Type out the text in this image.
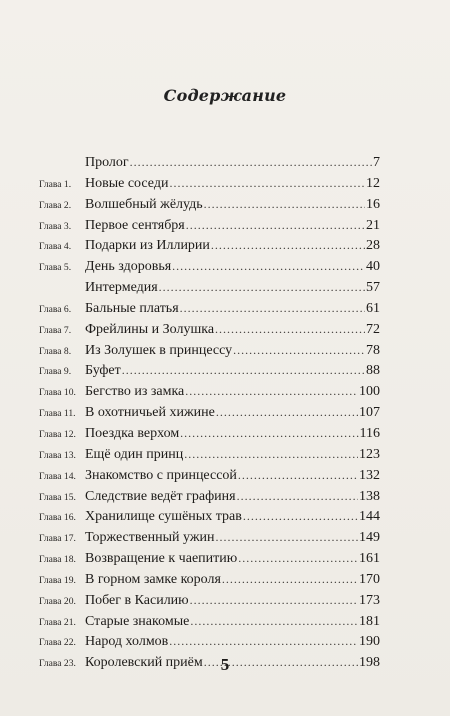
Содержание
Пролог .....	7
Глава 1. Новые соседи .....	12
Глава 2. Волшебный жёлудь .....	16
Глава 3. Первое сентября .....	21
Глава 4. Подарки из Иллирии .....	28
Глава 5. День здоровья .....	40
Интермедия .....	57
Глава 6. Бальные платья .....	61
Глава 7. Фрейлины и Золушка .....	72
Глава 8. Из Золушек в принцессу .....	78
Глава 9. Буфет .....	88
Глава 10. Бегство из замка .....	100
Глава 11. В охотничьей хижине .....	107
Глава 12. Поездка верхом .....	116
Глава 13. Ещё один принц .....	123
Глава 14. Знакомство с принцессой .....	132
Глава 15. Следствие ведёт графиня .....	138
Глава 16. Хранилище сушёных трав .....	144
Глава 17. Торжественный ужин .....	149
Глава 18. Возвращение к чаепитию .....	161
Глава 19. В горном замке короля .....	170
Глава 20. Побег в Касилию .....	173
Глава 21. Старые знакомые .....	181
Глава 22. Народ холмов .....	190
Глава 23. Королевский приём .....	198
5
